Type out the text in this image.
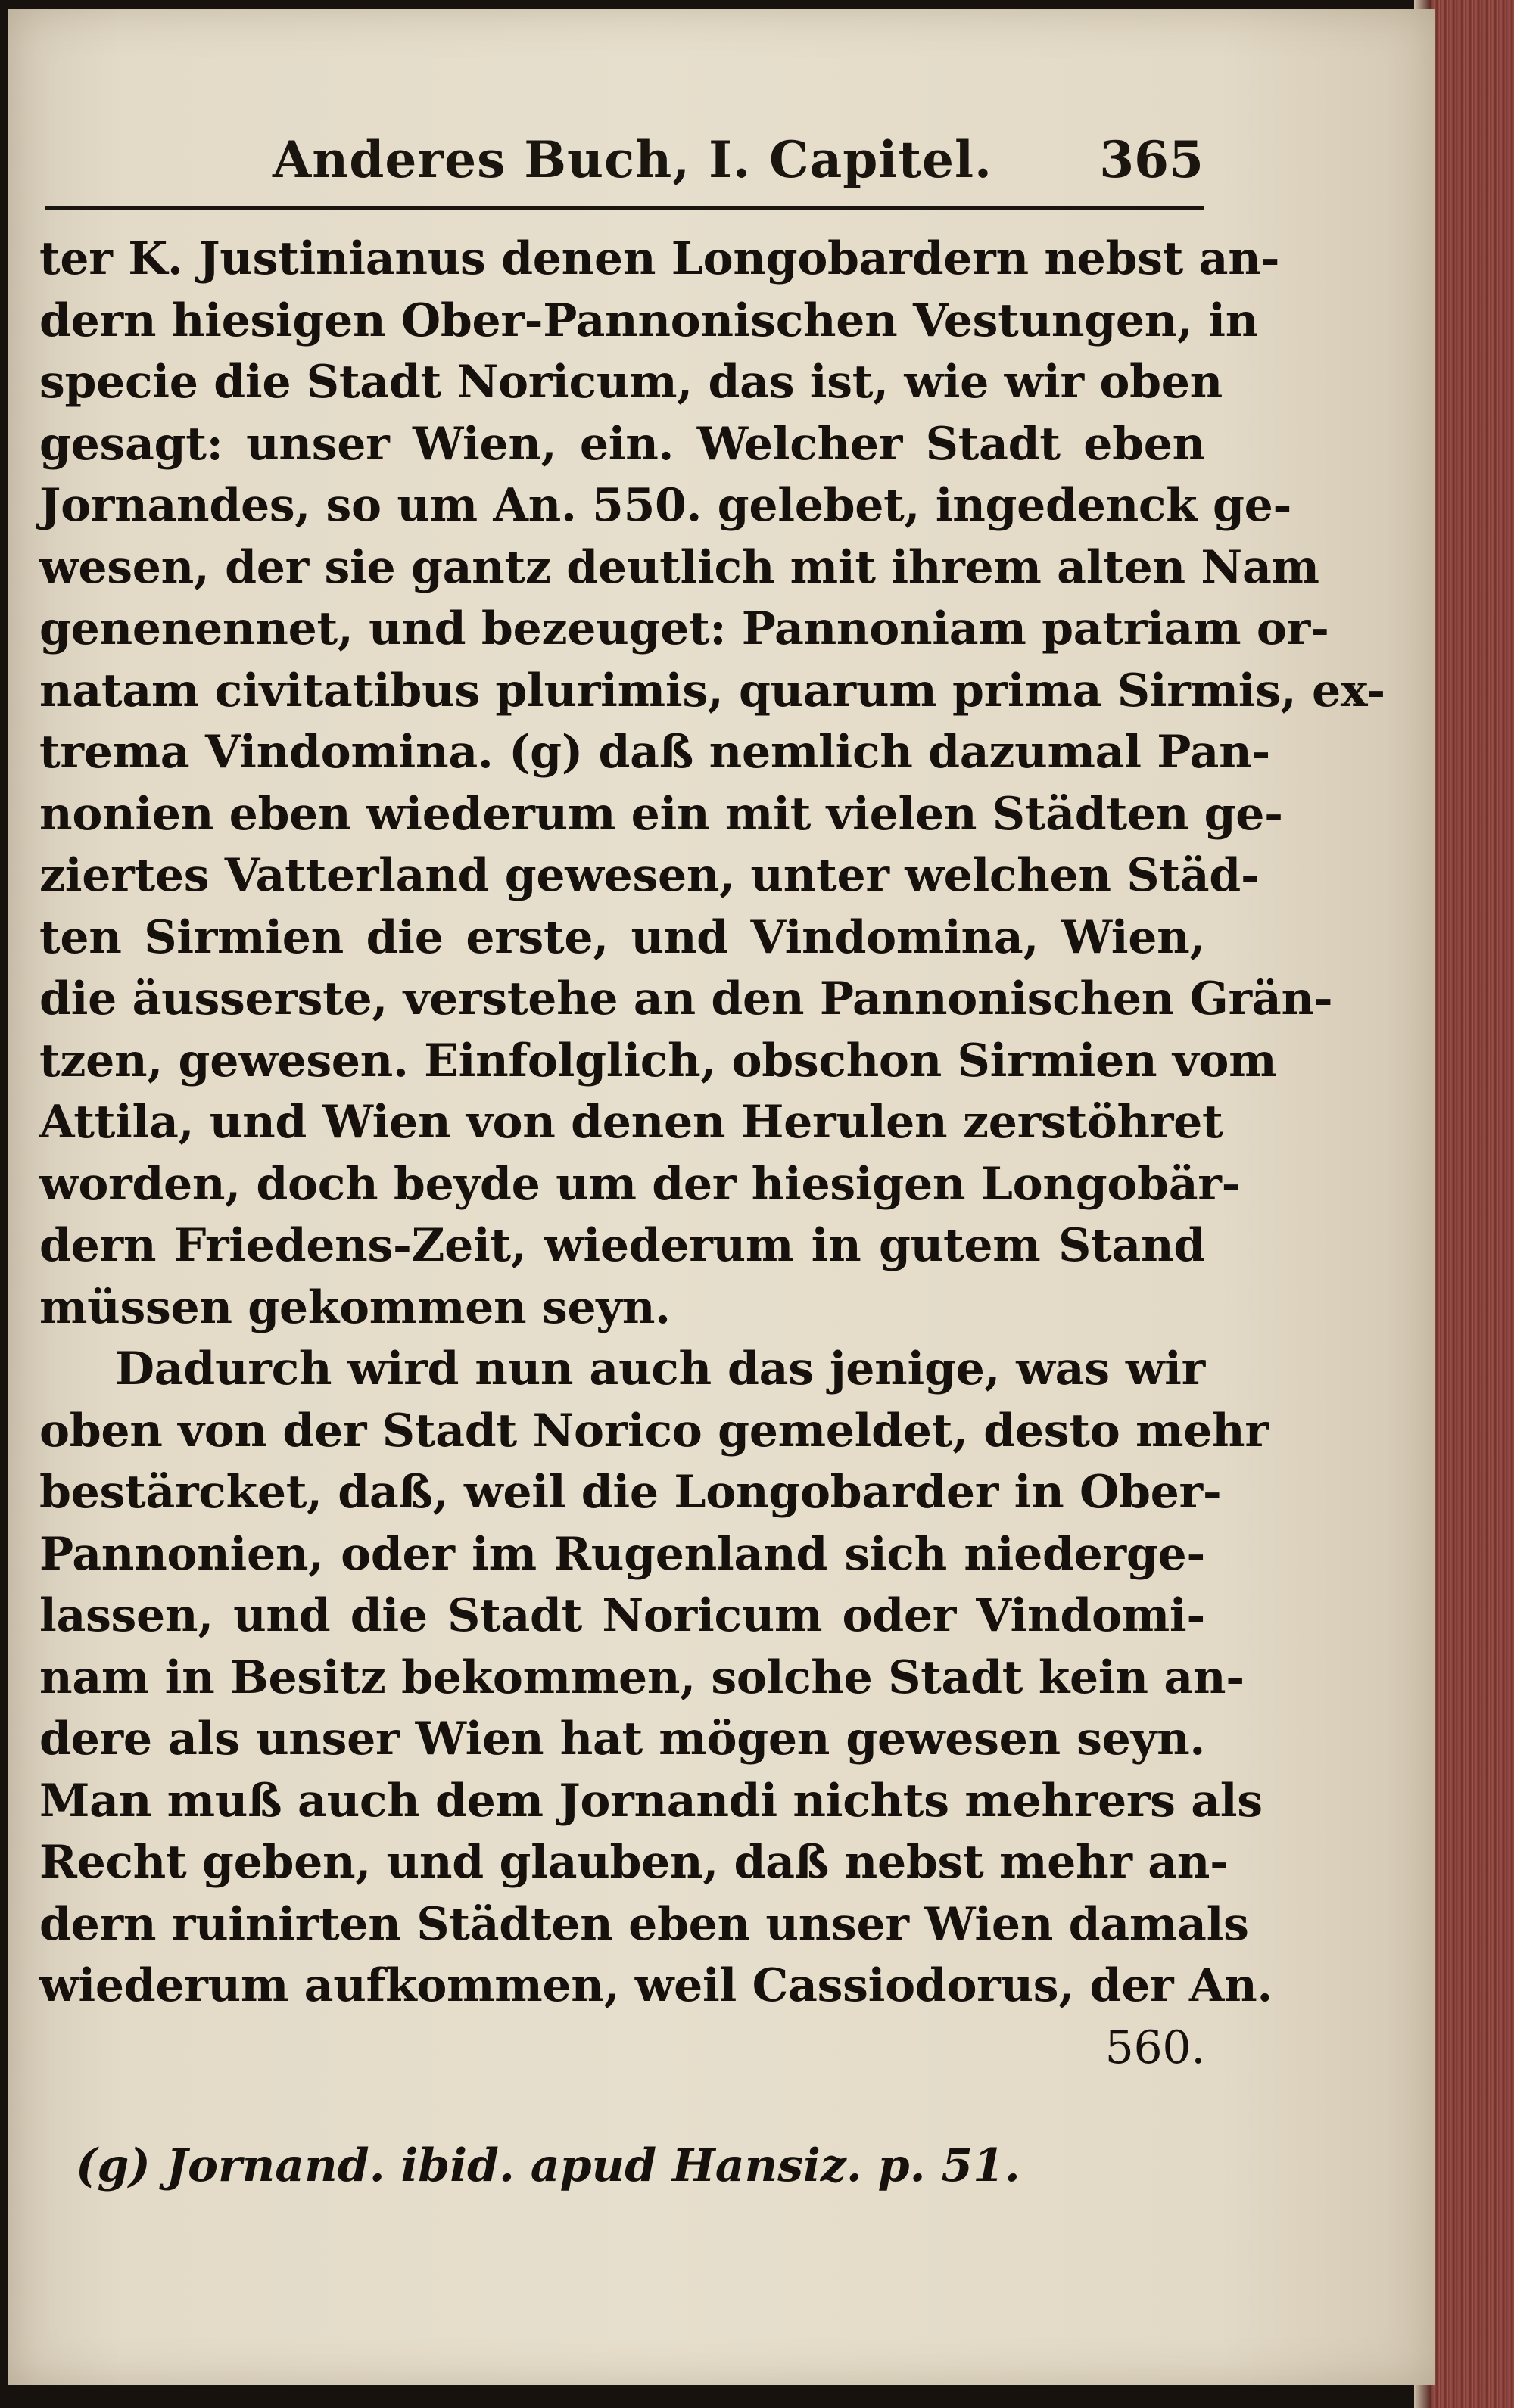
Anderes Buch, I. Capitel. 365
ter K. Justinianus denen Longobardern nebst an-
dern hiesigen Ober-Pannonischen Vestungen, in
specie die Stadt Noricum, das ist, wie wir oben
gesagt: unser Wien, ein. Welcher Stadt eben
Jornandes, so um An. 550. gelebet, ingedenck ge-
wesen, der sie gantz deutlich mit ihrem alten Nam
genenennet, und bezeuget: Pannoniam patriam or-
natam civitatibus plurimis, quarum prima Sirmis, ex-
trema Vindomina. (g) daß nemlich dazumal Pan-
nonien eben wiederum ein mit vielen Städten ge-
ziertes Vatterland gewesen, unter welchen Städ-
ten Sirmien die erste, und Vindomina, Wien,
die äusserste, verstehe an den Pannonischen Grän-
tzen, gewesen. Einfolglich, obschon Sirmien vom
Attila, und Wien von denen Herulen zerstöhret
worden, doch beyde um der hiesigen Longobär-
dern Friedens-Zeit, wiederum in gutem Stand
müssen gekommen seyn.
Dadurch wird nun auch das jenige, was wir
oben von der Stadt Norico gemeldet, desto mehr
bestärcket, daß, weil die Longobarder in Ober-
Pannonien, oder im Rugenland sich niederge-
lassen, und die Stadt Noricum oder Vindomi-
nam in Besitz bekommen, solche Stadt kein an-
dere als unser Wien hat mögen gewesen seyn.
Man muß auch dem Jornandi nichts mehrers als
Recht geben, und glauben, daß nebst mehr an-
dern ruinirten Städten eben unser Wien damals
wiederum aufkommen, weil Cassiodorus, der An.
560.
(g) Jornand. ibid. apud Hansiz. p. 51.
